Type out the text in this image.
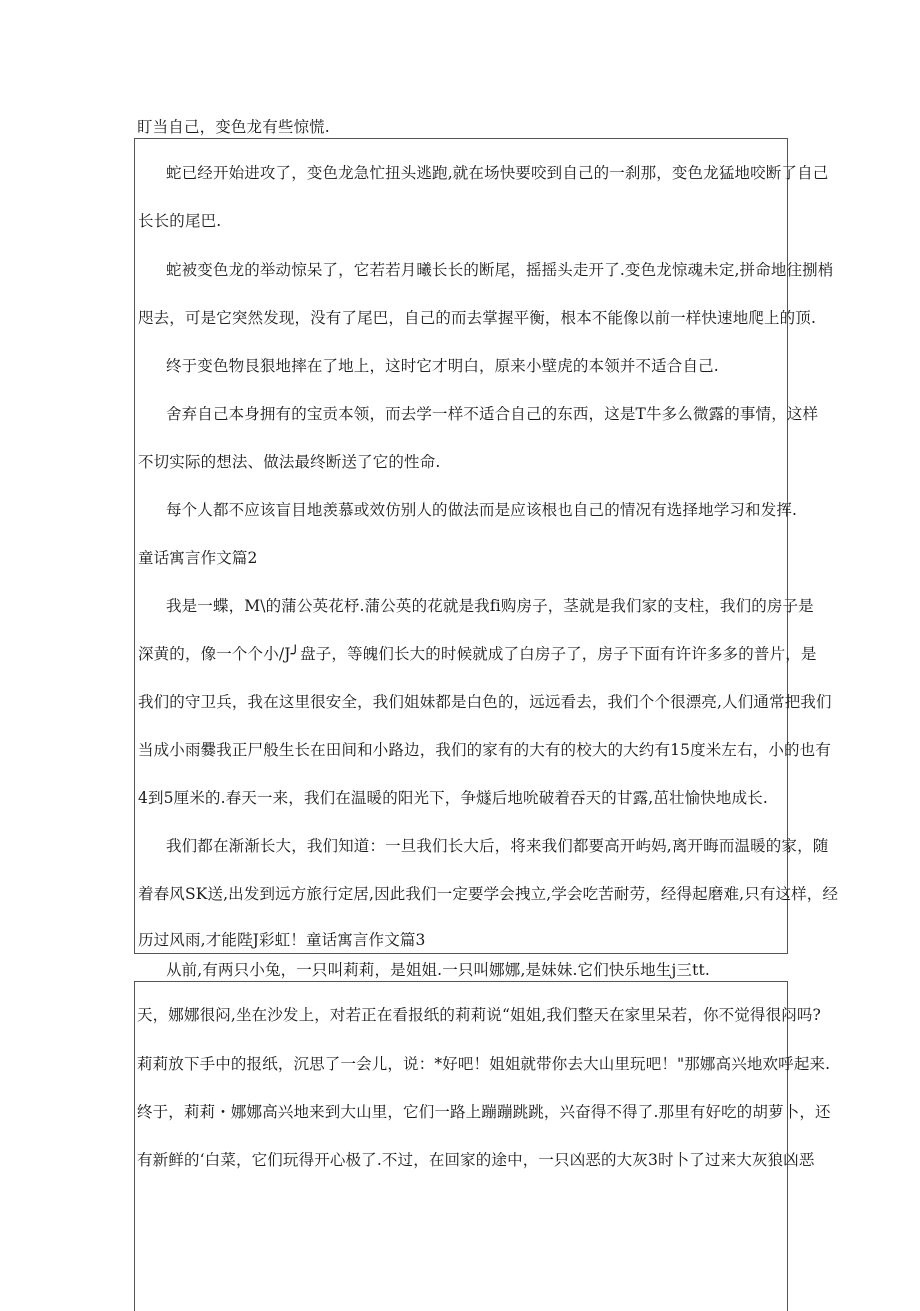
盯当自己，变色龙有些惊慌.
蛇已经开始进攻了，变色龙急忙扭头逃跑,就在场快要咬到自己的一刹那，变色龙猛地咬断了自己
长长的尾巴.
蛇被变色龙的举动惊呆了，它若若月曦长长的断尾，摇摇头走开了.变色龙惊魂未定,拼命地往捌梢
咫去，可是它突然发现，没有了尾巴，自己的而去掌握平衡，根本不能像以前一样快速地爬上的顶.
终于变色物艮狠地摔在了地上，这时它才明白，原来小壁虎的本领并不适合自己.
舍弃自己本身拥有的宝贡本领，而去学一样不适合自己的东西，这是T牛多么微露的事情，这样
不切实际的想法、做法最终断送了它的性命.
每个人都不应该盲目地羡慕或效仿别人的做法而是应该根也自己的情况有选择地学习和发挥.
童话寓言作文篇2
我是一蝶，M\的蒲公英花杼.蒲公英的花就是我fi购房子，茎就是我们家的支柱，我们的房子是
深黄的，像一个个小/J╯盘子，等魄们长大的时候就成了白房子了，房子下面有许许多多的普片，是
我们的守卫兵，我在这里很安全，我们姐妹都是白色的，远远看去，我们个个很漂亮,人们通常把我们
当成小雨爨我正尸般生长在田间和小路边，我们的家有的大有的校大的大约有15度米左右，小的也有
4到5厘米的.春天一来，我们在温暖的阳光下，争燧后地吮破着吞天的甘露,茁壮愉快地成长.
我们都在渐渐长大，我们知道：一旦我们长大后，将来我们都要高开屿妈,离开晦而温暖的家，随
着春风SK送,出发到远方旅行定居,因此我们一定要学会拽立,学会吃苦耐劳，经得起磨难,只有这样，经
历过风雨,才能陛J彩虹！童话寓言作文篇3
从前,有两只小兔，一只叫莉莉，是姐姐.一只叫娜娜,是妹妹.它们快乐地生j三tt.
天，娜娜很闷,坐在沙发上，对若正在看报纸的莉莉说“姐姐,我们整天在家里呆若，你不觉得很闷吗?
莉莉放下手中的报纸，沉思了一会儿，说：*好吧！姐姐就带你去大山里玩吧！"那娜高兴地欢呼起来.
终于，莉莉・娜娜高兴地来到大山里，它们一路上蹦蹦跳跳，兴奋得不得了.那里有好吃的胡萝卜，还
有新鲜的‘白菜，它们玩得开心极了.不过，在回家的途中，一只凶恶的大灰3时卜了过来大灰狼凶恶
